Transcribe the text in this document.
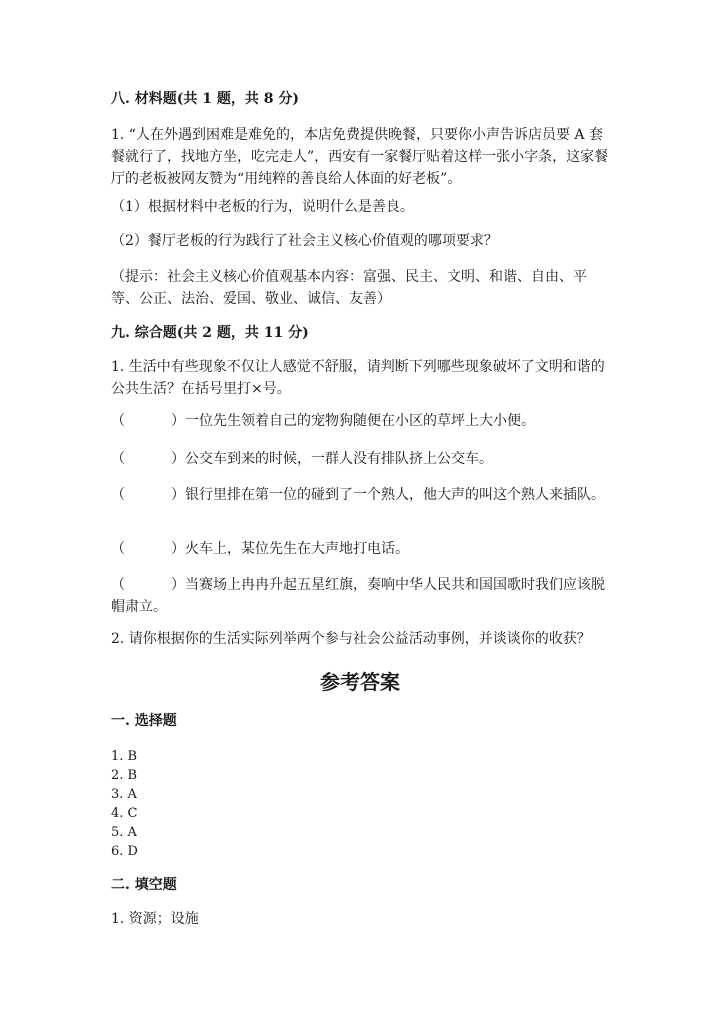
八. 材料题(共 1 题，共 8 分)
1. “人在外遇到困难是难免的，本店免费提供晚餐，只要你小声告诉店员要 A 套餐就行了，找地方坐，吃完走人”，西安有一家餐厅贴着这样一张小字条，这家餐厅的老板被网友赞为“用纯粹的善良给人体面的好老板”。
（1）根据材料中老板的行为，说明什么是善良。
（2）餐厅老板的行为践行了社会主义核心价值观的哪项要求？
（提示：社会主义核心价值观基本内容：富强、民主、文明、和谐、自由、平等、公正、法治、爱国、敬业、诚信、友善）
九. 综合题(共 2 题，共 11 分)
1. 生活中有些现象不仅让人感觉不舒服，请判断下列哪些现象破坏了文明和谐的公共生活？在括号里打×号。
（	）一位先生领着自己的宠物狗随便在小区的草坪上大小便。
（	）公交车到来的时候，一群人没有排队挤上公交车。
（	）银行里排在第一位的碰到了一个熟人，他大声的叫这个熟人来插队。
（	）火车上，某位先生在大声地打电话。
（	）当赛场上冉冉升起五星红旗，奏响中华人民共和国国歌时我们应该脱帽肃立。
2. 请你根据你的生活实际列举两个参与社会公益活动事例，并谈谈你的收获？
参考答案
一. 选择题
1. B
2. B
3. A
4. C
5. A
6. D
二. 填空题
1. 资源；设施
